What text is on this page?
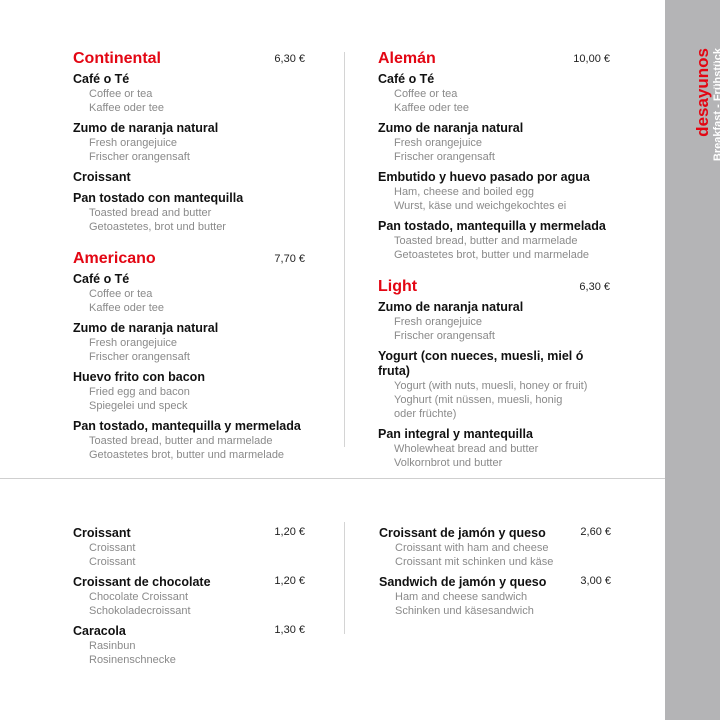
desayunos Breakfast - Frühstück
Continental	6,30 €
Café o Té
Coffee or tea
Kaffee oder tee
Zumo de naranja natural
Fresh orangejuice
Frischer orangensaft
Croissant
Pan tostado con mantequilla
Toasted bread and butter
Getoastetes, brot und butter
Americano	7,70 €
Café o Té
Coffee or tea
Kaffee oder tee
Zumo de naranja natural
Fresh orangejuice
Frischer orangensaft
Huevo frito con bacon
Fried egg and bacon
Spiegelei und speck
Pan tostado, mantequilla y mermelada
Toasted bread, butter and marmelade
Getoastetes brot, butter und marmelade
Alemán	10,00 €
Café o Té
Coffee or tea
Kaffee oder tee
Zumo de naranja natural
Fresh orangejuice
Frischer orangensaft
Embutido y huevo pasado por agua
Ham, cheese and boiled egg
Wurst, käse und weichgekochtes ei
Pan tostado, mantequilla y mermelada
Toasted bread, butter and marmelade
Getoastetes brot, butter und marmelade
Light	6,30 €
Zumo de naranja natural
Fresh orangejuice
Frischer orangensaft
Yogurt (con nueces, muesli, miel ó fruta)
Yogurt (with nuts, muesli, honey or fruit)
Yoghurt (mit nüssen, muesli, honig
oder früchte)
Pan integral y mantequilla
Wholewheat bread and butter
Volkornbrot und butter
Croissant	1,20 €
Croissant
Croissant
Croissant de chocolate	1,20 €
Chocolate Croissant
Schokoladecroissant
Caracola	1,30 €
Rasinbun
Rosinenschnecke
Croissant de jamón y queso	2,60 €
Croissant with ham and cheese
Croissant mit schinken und käse
Sandwich de jamón y queso	3,00 €
Ham and cheese sandwich
Schinken und käsesandwich
